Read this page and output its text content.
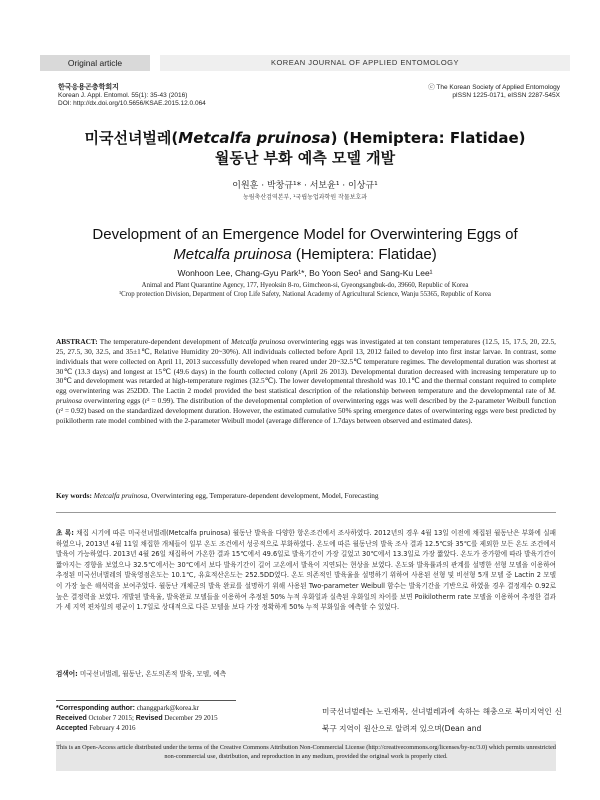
Original article	KOREAN JOURNAL OF APPLIED ENTOMOLOGY
한국응용곤충학회지
Korean J. Appl. Entomol. 55(1): 35-43 (2016)
DOI: http://dx.doi.org/10.5656/KSAE.2015.12.0.064
ⓒ The Korean Society of Applied Entomology
pISSN 1225-0171, eISSN 2287-545X
미국선녀벌레(Metcalfa pruinosa) (Hemiptera: Flatidae)
월동난 부화 예측 모델 개발
이원훈 · 박창규¹* · 서보윤¹ · 이상규¹
농림축산검역본부, ¹국립농업과학원 작물보호과
Development of an Emergence Model for Overwintering Eggs of
Metcalfa pruinosa (Hemiptera: Flatidae)
Wonhoon Lee, Chang-Gyu Park¹*, Bo Yoon Seo¹ and Sang-Ku Lee¹
Animal and Plant Quarantine Agency, 177, Hyeoksin 8-ro, Gimcheon-si, Gyeongsangbuk-do, 39660, Republic of Korea
¹Crop protection Division, Department of Crop Life Safety, National Academy of Agricultural Science, Wanju 55365, Republic of Korea
ABSTRACT: The temperature-dependent development of Metcalfa pruinosa overwintering eggs was investigated at ten constant temperatures (12.5, 15, 17.5, 20, 22.5, 25, 27.5, 30, 32.5, and 35±1℃, Relative Humidity 20~30%). All individuals collected before April 13, 2012 failed to develop into first instar larvae. In contrast, some individuals that were collected on April 11, 2013 successfully developed when reared under 20~32.5℃ temperature regimes. The developmental duration was shortest at 30℃ (13.3 days) and longest at 15℃ (49.6 days) in the fourth collected colony (April 26 2013). Developmental duration decreased with increasing temperature up to 30℃ and development was retarded at high-temperature regimes (32.5℃). The lower developmental threshold was 10.1℃ and the thermal constant required to complete egg overwintering was 252DD. The Lactin 2 model provided the best statistical description of the relationship between temperature and the developmental rate of M. pruinosa overwintering eggs (r² = 0.99). The distribution of the developmental completion of overwintering eggs was well described by the 2-parameter Weibull function (r² = 0.92) based on the standardized development duration. However, the estimated cumulative 50% spring emergence dates of overwintering eggs were best predicted by poikilotherm rate model combined with the 2-parameter Weibull model (average difference of 1.7days between observed and estimated dates).
Key words: Metcalfa pruinosa, Overwintering egg, Temperature-dependent development, Model, Forecasting
초 록: 채집 시기에 따른 미국선녀벌레(Metcalfa pruinosa) 월동난 발육을 다양한 항온조건에서 조사하였다. 2012년의 경우 4월 13일 이전에 채집된 월동난은 부화에 실패하였으나, 2013년 4월 11일 채집한 개체들이 일부 온도 조건에서 성공적으로 부화하였다. 온도에 따른 월동난의 발육 조사 결과 12.5℃와 35℃를 제외한 모든 온도 조건에서 발육이 가능하였다. 2013년 4월 26일 채집하여 가온한 결과 15℃에서 49.6일로 발육기간이 가장 길었고 30℃에서 13.3일로 가장 짧았다. 온도가 증가함에 따라 발육기간이 짧아지는 경향을 보였으나 32.5℃에서는 30℃에서 보다 발육기간이 길어 고온에서 발육이 지연되는 현상을 보였다. 온도와 발육률과의 관계를 설명한 선형 모델을 이용하여 추정된 미국선녀벌레의 발육영점온도는 10.1℃, 유효적산온도는 252.5DD였다. 온도 의존적인 발육율을 설명하기 위하여 사용된 선형 및 비선형 5개 모델 중 Lactin 2 모델이 가장 높은 해석력을 보여주었다. 월동난 개체군의 발육 완료를 설명하기 위해 사용된 Two-parameter Weibull 함수는 발육기간을 기반으로 하였을 경우 결정계수 0.92로 높은 결정력을 보였다. 개발된 발육율, 발육완료 모델들을 이용하여 추정된 50% 누적 우화일과 실측된 우화일의 차이를 보면 Poikilotherm rate 모델을 이용하여 추정한 결과가 세 지역 편차일의 평균이 1.7일로 상대적으로 다른 모델을 보다 가장 정확하게 50% 누적 부화일을 예측할 수 있었다.
검색어: 미국선녀벌레, 월동난, 온도의존적 발육, 모델, 예측
*Corresponding author: changgpark@korea.kr
Received October 7 2015; Revised December 29 2015
Accepted February 4 2016
미국선녀벌레는 노린재목, 선녀벌레과에 속하는 해충으로 북미지역인 신북구 지역이 원산으로 알려져 있으며(Dean and
This is an Open-Access article distributed under the terms of the Creative Commons Attribution Non-Commercial License (http://creativecommons.org/licenses/by-nc/3.0) which permits unrestricted non-commercial use, distribution, and reproduction in any medium, provided the original work is properly cited.
